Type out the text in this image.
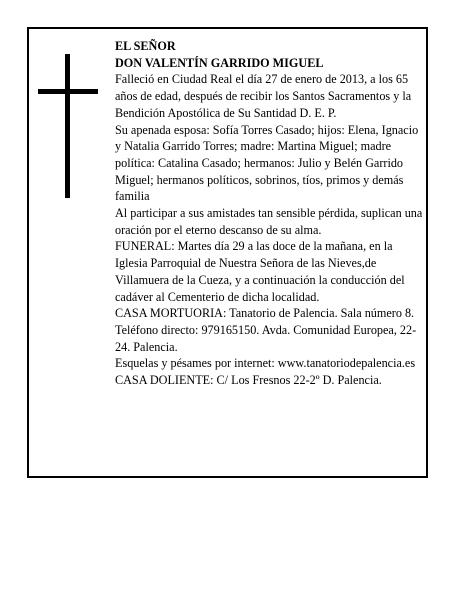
EL SEÑOR

DON VALENTÍN GARRIDO MIGUEL

Falleció en Ciudad Real el día 27 de enero de 2013, a los 65 años de edad, después de recibir los Santos Sacramentos y la Bendición Apostólica de Su Santidad D. E. P.

Su apenada esposa: Sofía Torres Casado; hijos: Elena, Ignacio y Natalia Garrido Torres; madre: Martina Miguel; madre política: Catalina Casado; hermanos: Julio y Belén Garrido Miguel; hermanos políticos, sobrinos, tíos, primos y demás familia

Al participar a sus amistades tan sensible pérdida, suplican una oración por el eterno descanso de su alma.

FUNERAL: Martes día 29 a las doce de la mañana, en la Iglesia Parroquial de Nuestra Señora de las Nieves,de Villamuera de la Cueza, y a continuación la conducción del cadáver al Cementerio de dicha localidad.

CASA MORTUORIA: Tanatorio de Palencia. Sala número 8. Teléfono directo: 979165150. Avda. Comunidad Europea, 22-24. Palencia.

Esquelas y pésames por internet: www.tanatoriodepalencia.es

CASA DOLIENTE: C/ Los Fresnos 22-2º D. Palencia.
